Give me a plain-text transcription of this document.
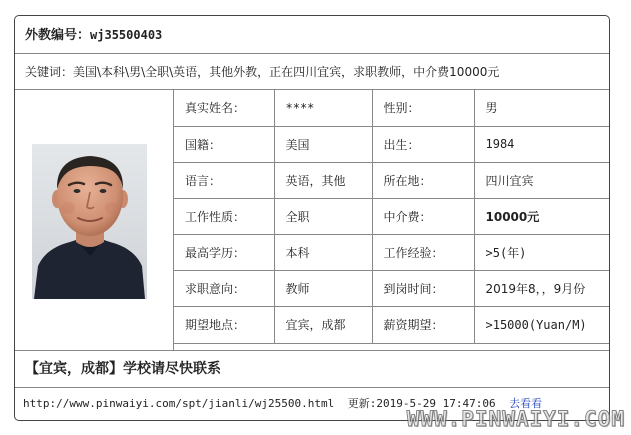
外教编号：wj35500403
关键词：美国\本科\男\全职\英语，其他外教，正在四川宜宾，求职教师，中介费10000元
真实姓名：	****	性别：	男
国籍：	美国	出生：	1984
语言：	英语，其他	所在地：	四川宜宾
工作性质：	全职	中介费：	10000元
最高学历：	本科	工作经验：	>5(年)
求职意向：	教师	到岗时间：	2019年8，，9月份
期望地点：	宜宾，成都	薪资期望：	>15000(Yuan/M)
【宜宾，成都】学校请尽快联系
http://www.pinwaiyi.com/spt/jianli/wj25500.html 更新:2019-5-29 17:47:06 去看看
WWW.PINWAIYI.COM
